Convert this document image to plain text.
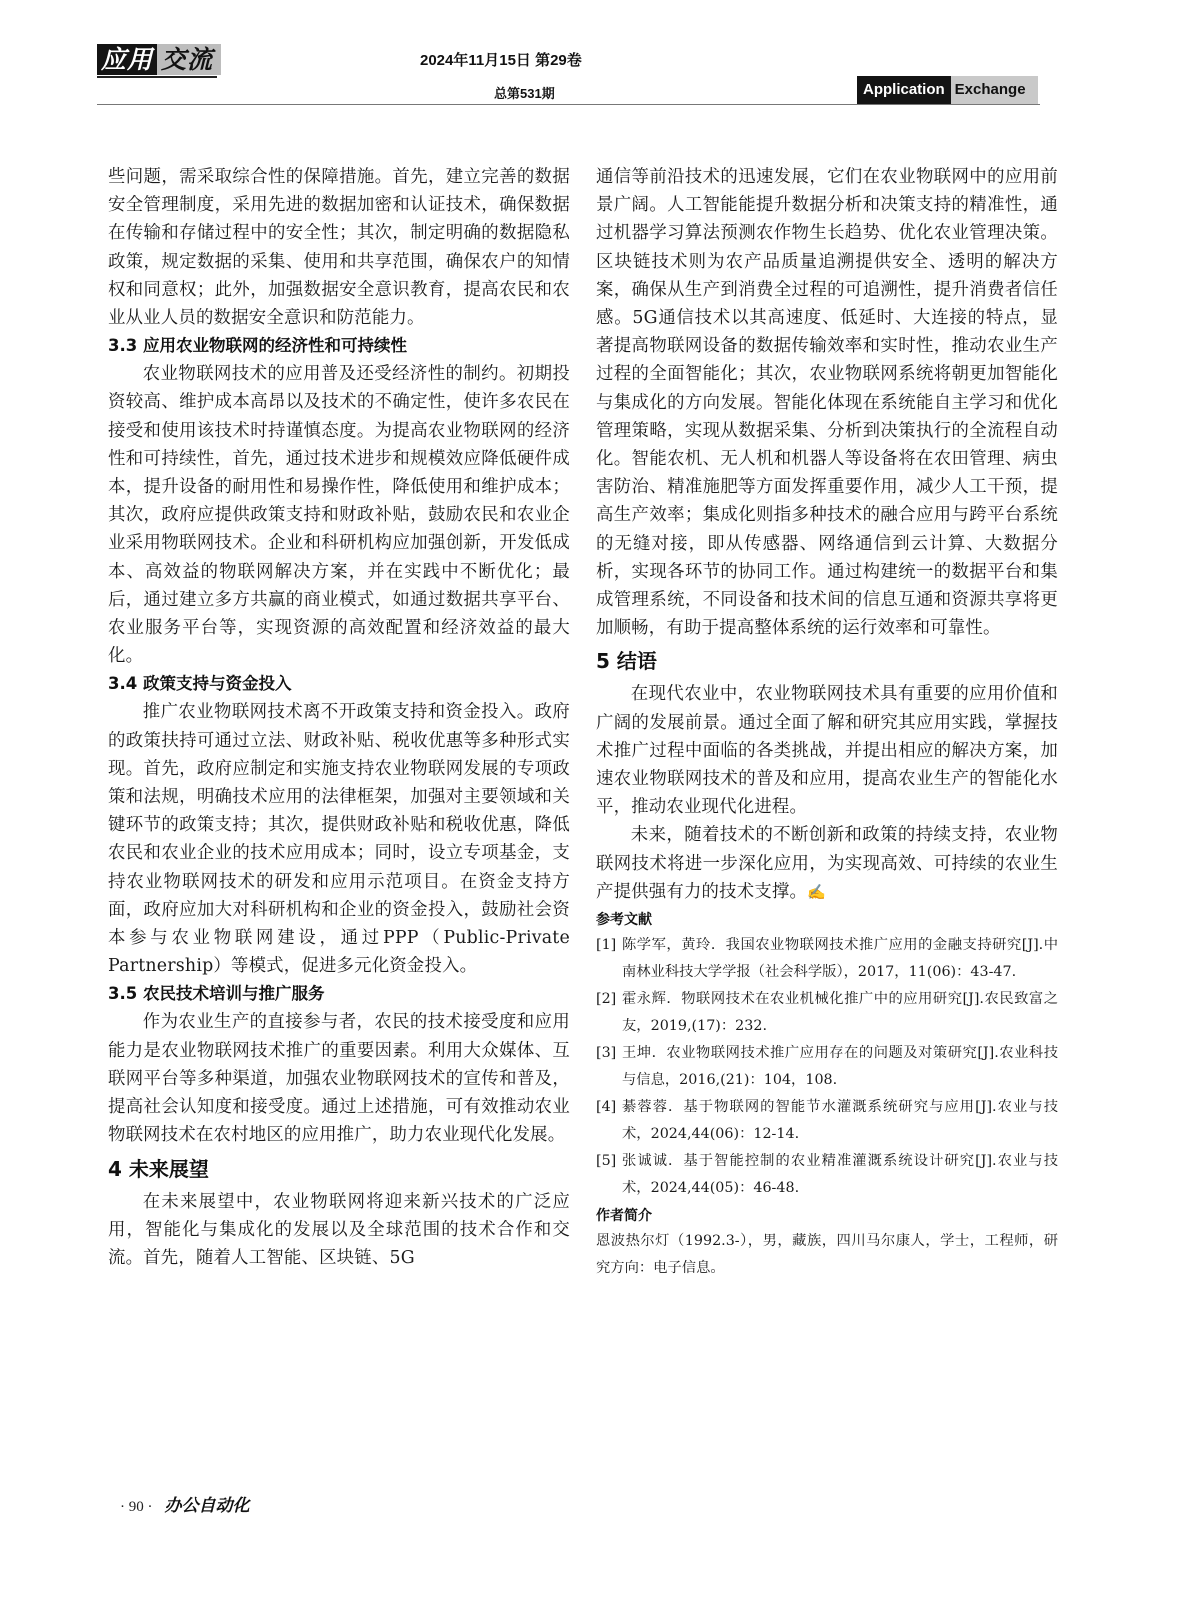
应用 交流	2024年11月15日 第29卷
总第531期	Application Exchange

些问题，需采取综合性的保障措施。首先，建立完善的数据安全管理制度，采用先进的数据加密和认证技术，确保数据在传输和存储过程中的安全性；其次，制定明确的数据隐私政策，规定数据的采集、使用和共享范围，确保农户的知情权和同意权；此外，加强数据安全意识教育，提高农民和农业从业人员的数据安全意识和防范能力。

3.3 应用农业物联网的经济性和可持续性

农业物联网技术的应用普及还受经济性的制约。初期投资较高、维护成本高昂以及技术的不确定性，使许多农民在接受和使用该技术时持谨慎态度。为提高农业物联网的经济性和可持续性，首先，通过技术进步和规模效应降低硬件成本，提升设备的耐用性和易操作性，降低使用和维护成本；其次，政府应提供政策支持和财政补贴，鼓励农民和农业企业采用物联网技术。企业和科研机构应加强创新，开发低成本、高效益的物联网解决方案，并在实践中不断优化；最后，通过建立多方共赢的商业模式，如通过数据共享平台、农业服务平台等，实现资源的高效配置和经济效益的最大化。

3.4 政策支持与资金投入

推广农业物联网技术离不开政策支持和资金投入。政府的政策扶持可通过立法、财政补贴、税收优惠等多种形式实现。首先，政府应制定和实施支持农业物联网发展的专项政策和法规，明确技术应用的法律框架，加强对主要领域和关键环节的政策支持；其次，提供财政补贴和税收优惠，降低农民和农业企业的技术应用成本；同时，设立专项基金，支持农业物联网技术的研发和应用示范项目。在资金支持方面，政府应加大对科研机构和企业的资金投入，鼓励社会资本参与农业物联网建设，通过PPP（Public-Private Partnership）等模式，促进多元化资金投入。

3.5 农民技术培训与推广服务

作为农业生产的直接参与者，农民的技术接受度和应用能力是农业物联网技术推广的重要因素。利用大众媒体、互联网平台等多种渠道，加强农业物联网技术的宣传和普及，提高社会认知度和接受度。通过上述措施，可有效推动农业物联网技术在农村地区的应用推广，助力农业现代化发展。

4 未来展望

在未来展望中，农业物联网将迎来新兴技术的广泛应用，智能化与集成化的发展以及全球范围的技术合作和交流。首先，随着人工智能、区块链、5G

通信等前沿技术的迅速发展，它们在农业物联网中的应用前景广阔。人工智能能提升数据分析和决策支持的精准性，通过机器学习算法预测农作物生长趋势、优化农业管理决策。区块链技术则为农产品质量追溯提供安全、透明的解决方案，确保从生产到消费全过程的可追溯性，提升消费者信任感。5G通信技术以其高速度、低延时、大连接的特点，显著提高物联网设备的数据传输效率和实时性，推动农业生产过程的全面智能化；其次，农业物联网系统将朝更加智能化与集成化的方向发展。智能化体现在系统能自主学习和优化管理策略，实现从数据采集、分析到决策执行的全流程自动化。智能农机、无人机和机器人等设备将在农田管理、病虫害防治、精准施肥等方面发挥重要作用，减少人工干预，提高生产效率；集成化则指多种技术的融合应用与跨平台系统的无缝对接，即从传感器、网络通信到云计算、大数据分析，实现各环节的协同工作。通过构建统一的数据平台和集成管理系统，不同设备和技术间的信息互通和资源共享将更加顺畅，有助于提高整体系统的运行效率和可靠性。

5 结语

在现代农业中，农业物联网技术具有重要的应用价值和广阔的发展前景。通过全面了解和研究其应用实践，掌握技术推广过程中面临的各类挑战，并提出相应的解决方案，加速农业物联网技术的普及和应用，提高农业生产的智能化水平，推动农业现代化进程。

未来，随着技术的不断创新和政策的持续支持，农业物联网技术将进一步深化应用，为实现高效、可持续的农业生产提供强有力的技术支撑。✍

参考文献

[1] 陈学军，黄玲．我国农业物联网技术推广应用的金融支持研究[J].中南林业科技大学学报（社会科学版），2017，11(06)：43-47.
[2] 霍永辉．物联网技术在农业机械化推广中的应用研究[J].农民致富之友，2019,(17)：232.
[3] 王坤．农业物联网技术推广应用存在的问题及对策研究[J].农业科技与信息，2016,(21)：104，108.
[4] 綦蓉蓉．基于物联网的智能节水灌溉系统研究与应用[J].农业与技术，2024,44(06)：12-14.
[5] 张诚诚．基于智能控制的农业精准灌溉系统设计研究[J].农业与技术，2024,44(05)：46-48.

作者简介

恩波热尔灯（1992.3-），男，藏族，四川马尔康人，学士，工程师，研究方向：电子信息。

· 90 · 办公自动化
